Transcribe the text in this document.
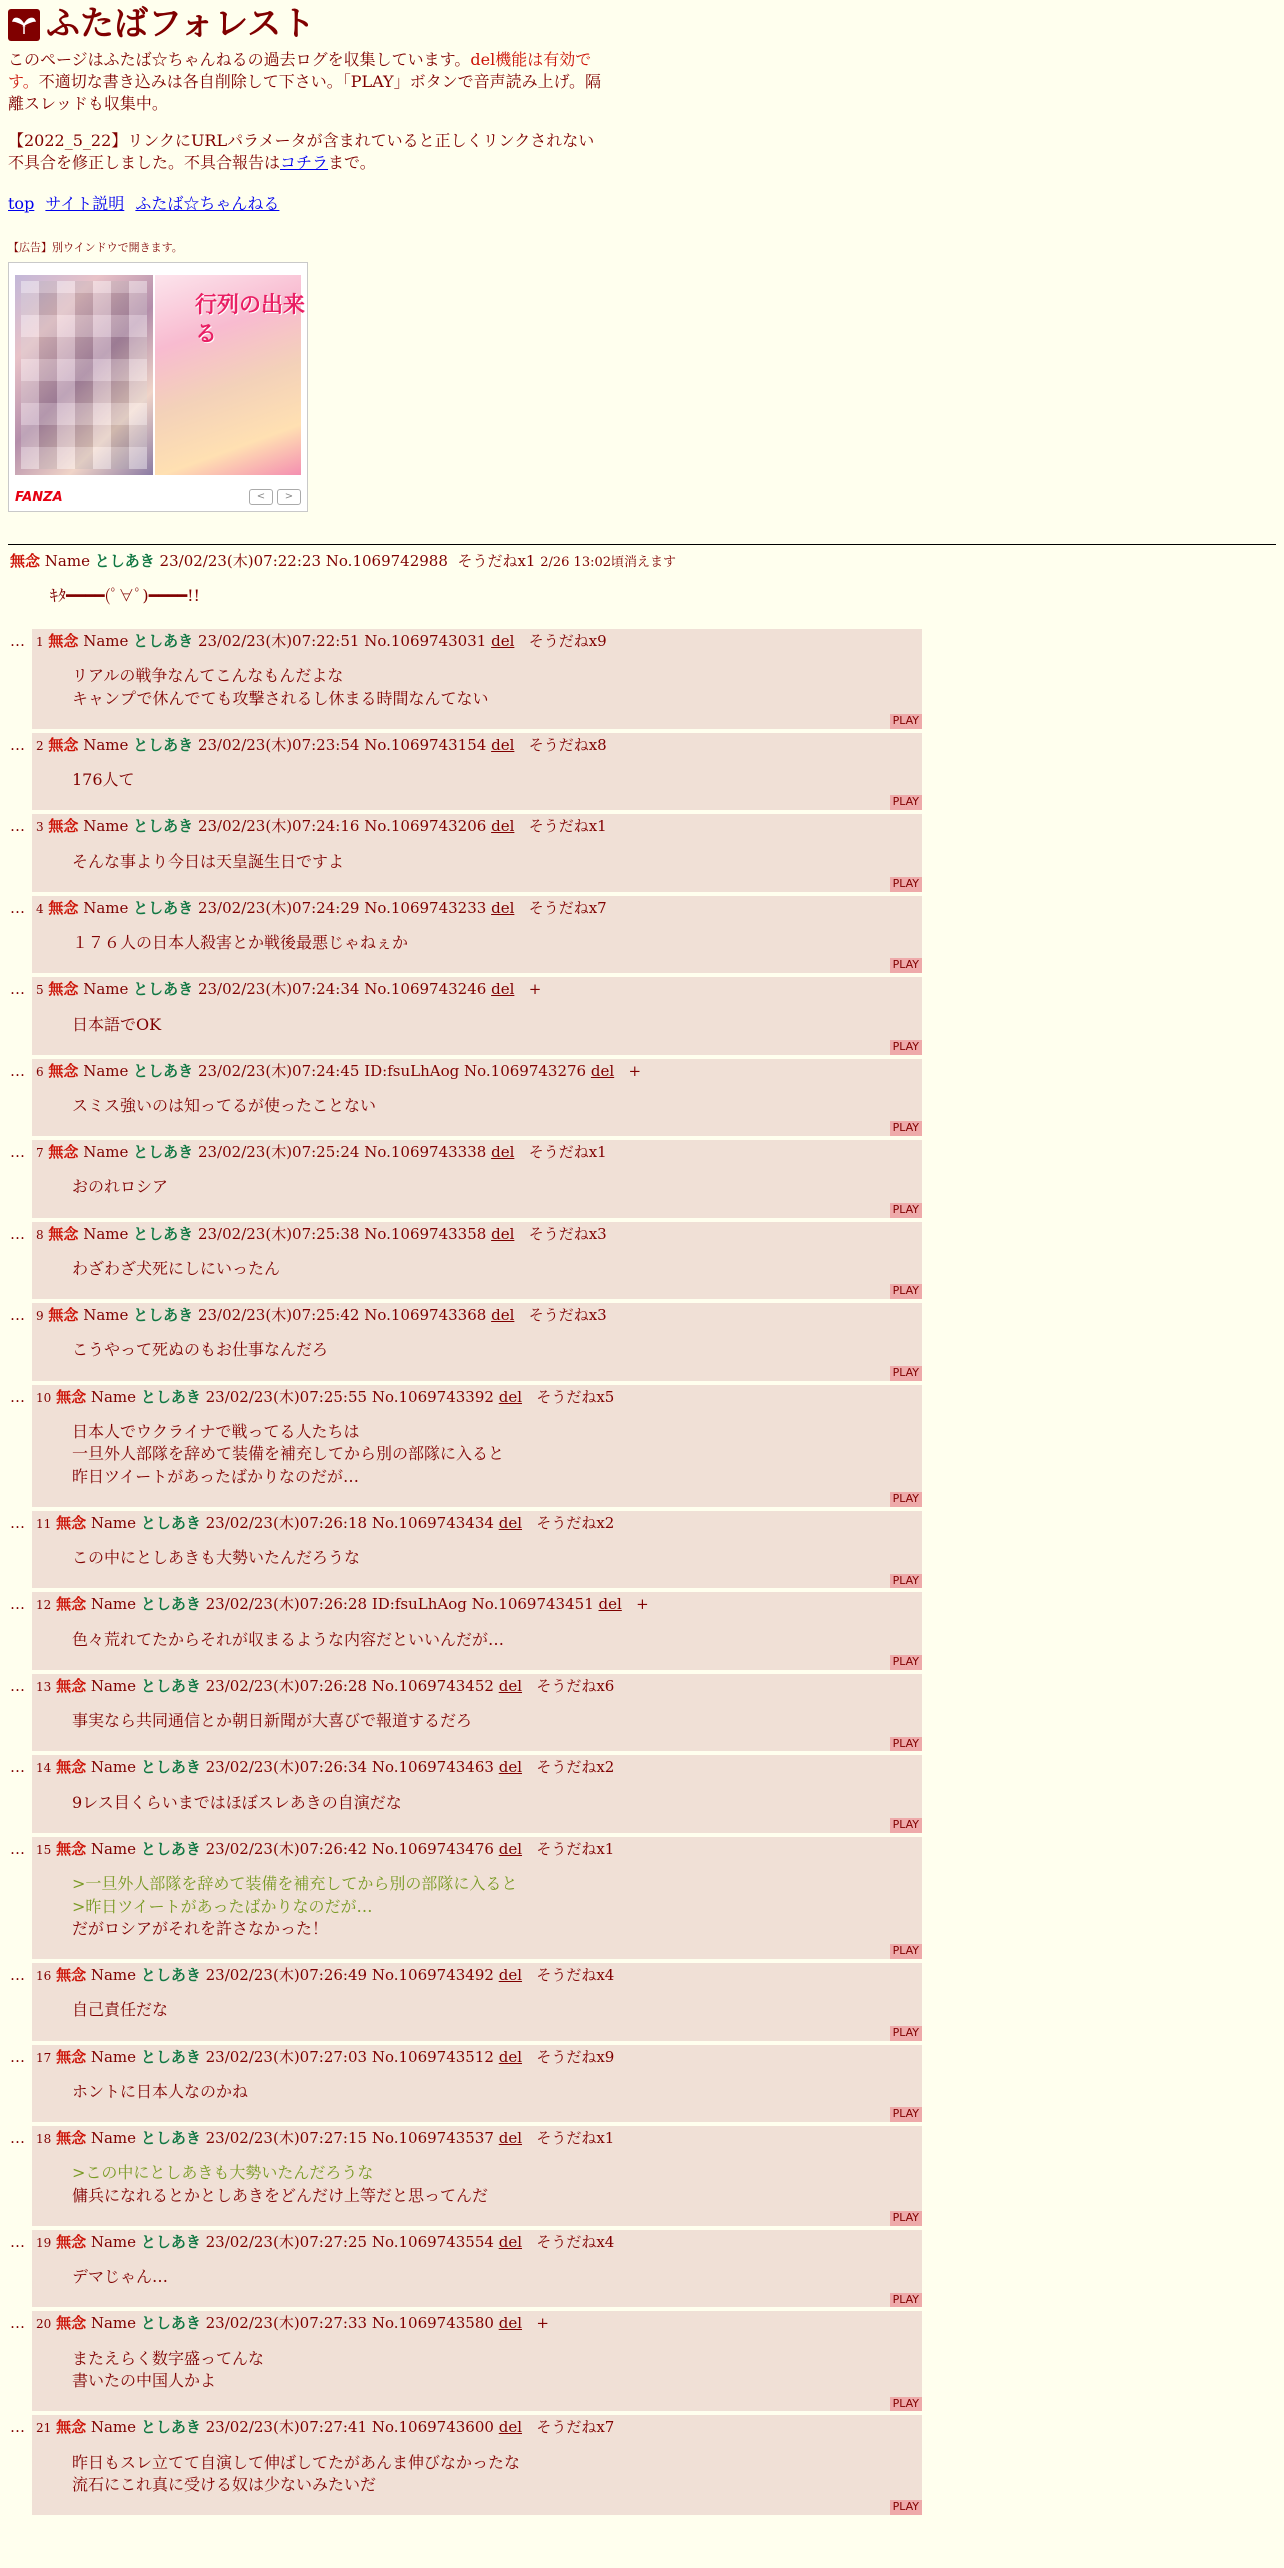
ふたばフォレスト
このページはふたば☆ちゃんねるの過去ログを収集しています。del機能は有効です。不適切な書き込みは各自削除して下さい。「PLAY」ボタンで音声読み上げ。隔離スレッドも収集中。
【2022_5_22】リンクにURLパラメータが含まれていると正しくリンクされない不具合を修正しました。不具合報告はコチラまで。
top サイト説明 ふたば☆ちゃんねる
【広告】別ウインドウで開きます。
行列の出来る
FANZA	<	>
無念 Name としあき 23/02/23(木)07:22:23 No.1069742988 そうだねx1 2/26 13:02頃消えます
ｷﾀ━━━━(ﾟ∀ﾟ)━━━━!!
… 1 無念 Name としあき 23/02/23(木)07:22:51 No.1069743031 del そうだねx9
リアルの戦争なんてこんなもんだよな
キャンプで休んでても攻撃されるし休まる時間なんてない
PLAY
… 2 無念 Name としあき 23/02/23(木)07:23:54 No.1069743154 del そうだねx8
176人て
PLAY
… 3 無念 Name としあき 23/02/23(木)07:24:16 No.1069743206 del そうだねx1
そんな事より今日は天皇誕生日ですよ
PLAY
… 4 無念 Name としあき 23/02/23(木)07:24:29 No.1069743233 del そうだねx7
１７６人の日本人殺害とか戦後最悪じゃねぇか
PLAY
… 5 無念 Name としあき 23/02/23(木)07:24:34 No.1069743246 del +
日本語でOK
PLAY
… 6 無念 Name としあき 23/02/23(木)07:24:45 ID:fsuLhAog No.1069743276 del +
スミス強いのは知ってるが使ったことない
PLAY
… 7 無念 Name としあき 23/02/23(木)07:25:24 No.1069743338 del そうだねx1
おのれロシア
PLAY
… 8 無念 Name としあき 23/02/23(木)07:25:38 No.1069743358 del そうだねx3
わざわざ犬死にしにいったん
PLAY
… 9 無念 Name としあき 23/02/23(木)07:25:42 No.1069743368 del そうだねx3
こうやって死ぬのもお仕事なんだろ
PLAY
… 10 無念 Name としあき 23/02/23(木)07:25:55 No.1069743392 del そうだねx5
日本人でウクライナで戦ってる人たちは
一旦外人部隊を辞めて装備を補充してから別の部隊に入ると
昨日ツイートがあったばかりなのだが…
PLAY
… 11 無念 Name としあき 23/02/23(木)07:26:18 No.1069743434 del そうだねx2
この中にとしあきも大勢いたんだろうな
PLAY
… 12 無念 Name としあき 23/02/23(木)07:26:28 ID:fsuLhAog No.1069743451 del +
色々荒れてたからそれが収まるような内容だといいんだが…
PLAY
… 13 無念 Name としあき 23/02/23(木)07:26:28 No.1069743452 del そうだねx6
事実なら共同通信とか朝日新聞が大喜びで報道するだろ
PLAY
… 14 無念 Name としあき 23/02/23(木)07:26:34 No.1069743463 del そうだねx2
9レス目くらいまではほぼスレあきの自演だな
PLAY
… 15 無念 Name としあき 23/02/23(木)07:26:42 No.1069743476 del そうだねx1
>一旦外人部隊を辞めて装備を補充してから別の部隊に入ると
>昨日ツイートがあったばかりなのだが…
だがロシアがそれを許さなかった！
PLAY
… 16 無念 Name としあき 23/02/23(木)07:26:49 No.1069743492 del そうだねx4
自己責任だな
PLAY
… 17 無念 Name としあき 23/02/23(木)07:27:03 No.1069743512 del そうだねx9
ホントに日本人なのかね
PLAY
… 18 無念 Name としあき 23/02/23(木)07:27:15 No.1069743537 del そうだねx1
>この中にとしあきも大勢いたんだろうな
傭兵になれるとかとしあきをどんだけ上等だと思ってんだ
PLAY
… 19 無念 Name としあき 23/02/23(木)07:27:25 No.1069743554 del そうだねx4
デマじゃん…
PLAY
… 20 無念 Name としあき 23/02/23(木)07:27:33 No.1069743580 del +
またえらく数字盛ってんな
書いたの中国人かよ
PLAY
… 21 無念 Name としあき 23/02/23(木)07:27:41 No.1069743600 del そうだねx7
昨日もスレ立てて自演して伸ばしてたがあんま伸びなかったな
流石にこれ真に受ける奴は少ないみたいだ
PLAY
